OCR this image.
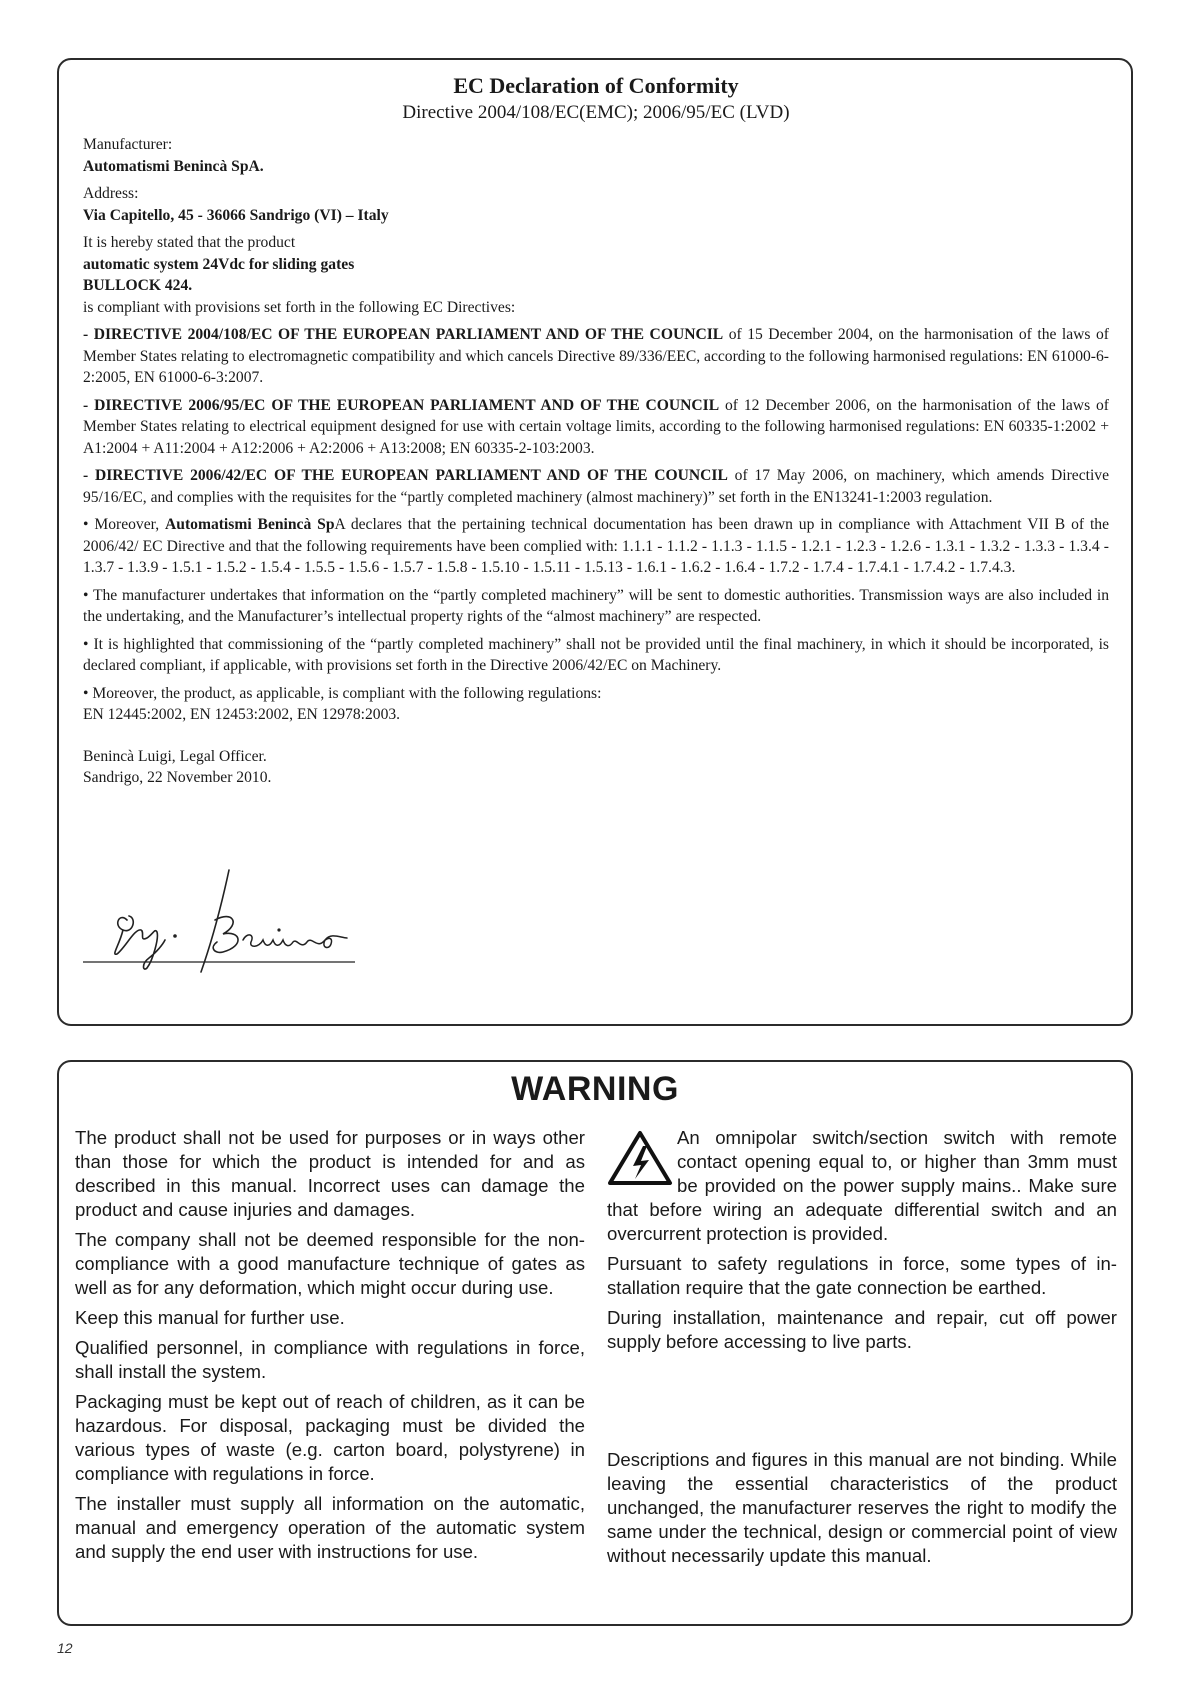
EC Declaration of Conformity
Directive 2004/108/EC(EMC); 2006/95/EC (LVD)
Manufacturer:
Automatismi Benincà SpA.
Address:
Via Capitello, 45 - 36066 Sandrigo (VI) – Italy
It is hereby stated that the product
automatic system 24Vdc for sliding gates
BULLOCK 424.
is compliant with provisions set forth in the following EC Directives:

- DIRECTIVE 2004/108/EC OF THE EUROPEAN PARLIAMENT AND OF THE COUNCIL of 15 December 2004, on the harmonisation of the laws of Member States relating to electromagnetic compatibility and which cancels Directive 89/336/EEC, according to the following harmonised regulations: EN 61000-6-2:2005, EN 61000-6-3:2007.

- DIRECTIVE 2006/95/EC OF THE EUROPEAN PARLIAMENT AND OF THE COUNCIL of 12 December 2006, on the harmonisation of the laws of Member States relating to electrical equipment designed for use with certain voltage limits, according to the following harmonised regulations: EN 60335-1:2002 + A1:2004 + A11:2004 + A12:2006 + A2:2006 + A13:2008; EN 60335-2-103:2003.

- DIRECTIVE 2006/42/EC OF THE EUROPEAN PARLIAMENT AND OF THE COUNCIL of 17 May 2006, on machinery, which amends Directive 95/16/EC, and complies with the requisites for the “partly completed machinery (almost machinery)” set forth in the EN13241-1:2003 regulation.

• Moreover, Automatismi Benincà SpA declares that the pertaining technical documentation has been drawn up in compliance with Attachment VII B of the 2006/42/ EC Directive and that the following requirements have been complied with: 1.1.1 - 1.1.2 - 1.1.3 - 1.1.5 - 1.2.1 - 1.2.3 - 1.2.6 - 1.3.1 - 1.3.2 - 1.3.3 - 1.3.4 - 1.3.7 - 1.3.9 - 1.5.1 - 1.5.2 - 1.5.4 - 1.5.5 - 1.5.6 - 1.5.7 - 1.5.8 - 1.5.10 - 1.5.11 - 1.5.13 - 1.6.1 - 1.6.2 - 1.6.4 - 1.7.2 - 1.7.4 - 1.7.4.1 - 1.7.4.2 - 1.7.4.3.

• The manufacturer undertakes that information on the “partly completed machinery” will be sent to domestic authorities. Transmission ways are also included in the undertaking, and the Manufacturer’s intellectual property rights of the “almost machinery” are respected.

• It is highlighted that commissioning of the “partly completed machinery” shall not be provided until the final machinery, in which it should be incorporated, is declared compliant, if applicable, with provisions set forth in the Directive 2006/42/EC on Machinery.

• Moreover, the product, as applicable, is compliant with the following regulations:
EN 12445:2002, EN 12453:2002, EN 12978:2003.
Benincà Luigi, Legal Officer.
Sandrigo, 22 November 2010.
WARNING

The product shall not be used for purposes or in ways other than those for which the product is intended for and as described in this manual. Incorrect uses can damage the product and cause injuries and damages.

The company shall not be deemed responsible for the non-compliance with a good manufacture technique of gates as well as for any deformation, which might occur during use.

Keep this manual for further use.

Qualified personnel, in compliance with regulations in force, shall install the system.

Packaging must be kept out of reach of children, as it can be hazardous. For disposal, packaging must be divided the various types of waste (e.g. carton board, polystyrene) in compliance with regulations in force.

The installer must supply all information on the automatic, manual and emergency operation of the automatic system and supply the end user with instructions for use.

An omnipolar switch/section switch with remote contact opening equal to, or higher than 3mm must be provided on the power supply mains.. Make sure that before wiring an adequate differential switch and an overcurrent protection is provided.

Pursuant to safety regulations in force, some types of in-stallation require that the gate connection be earthed.

During installation, maintenance and repair, cut off power supply before accessing to live parts.

Descriptions and figures in this manual are not binding. While leaving the essential characteristics of the product unchanged, the manufacturer reserves the right to modify the same under the technical, design or commercial point of view without necessarily update this manual.

12
